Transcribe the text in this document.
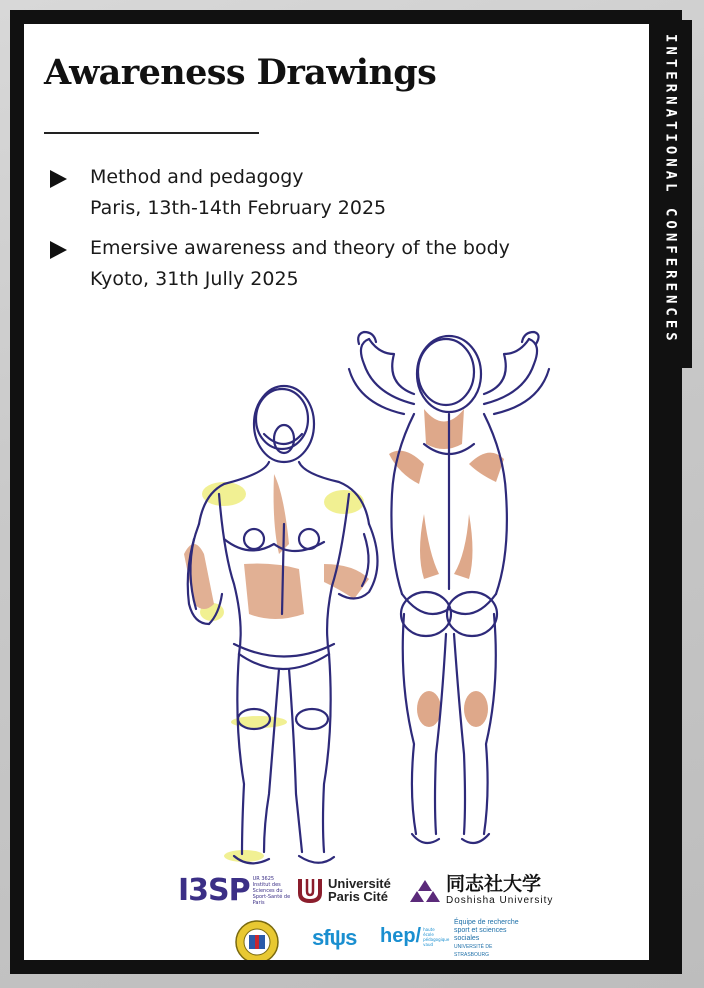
Awareness Drawings
Method and pedagogy
Paris, 13th-14th February 2025
Emersive awareness and theory of the body
Kyoto, 31th Jully 2025
I3SP UR 3625 Institut des Sciences du Sport-Santé de Paris
Université
Paris Cité
同志社大学
Doshisha University
sfψs hep/ haute école pédagogique vaud
Équipe de recherche
sport et sciences
sociales
UNIVERSITÉ DE STRASBOURG
INTERNATIONAL CONFERENCES
